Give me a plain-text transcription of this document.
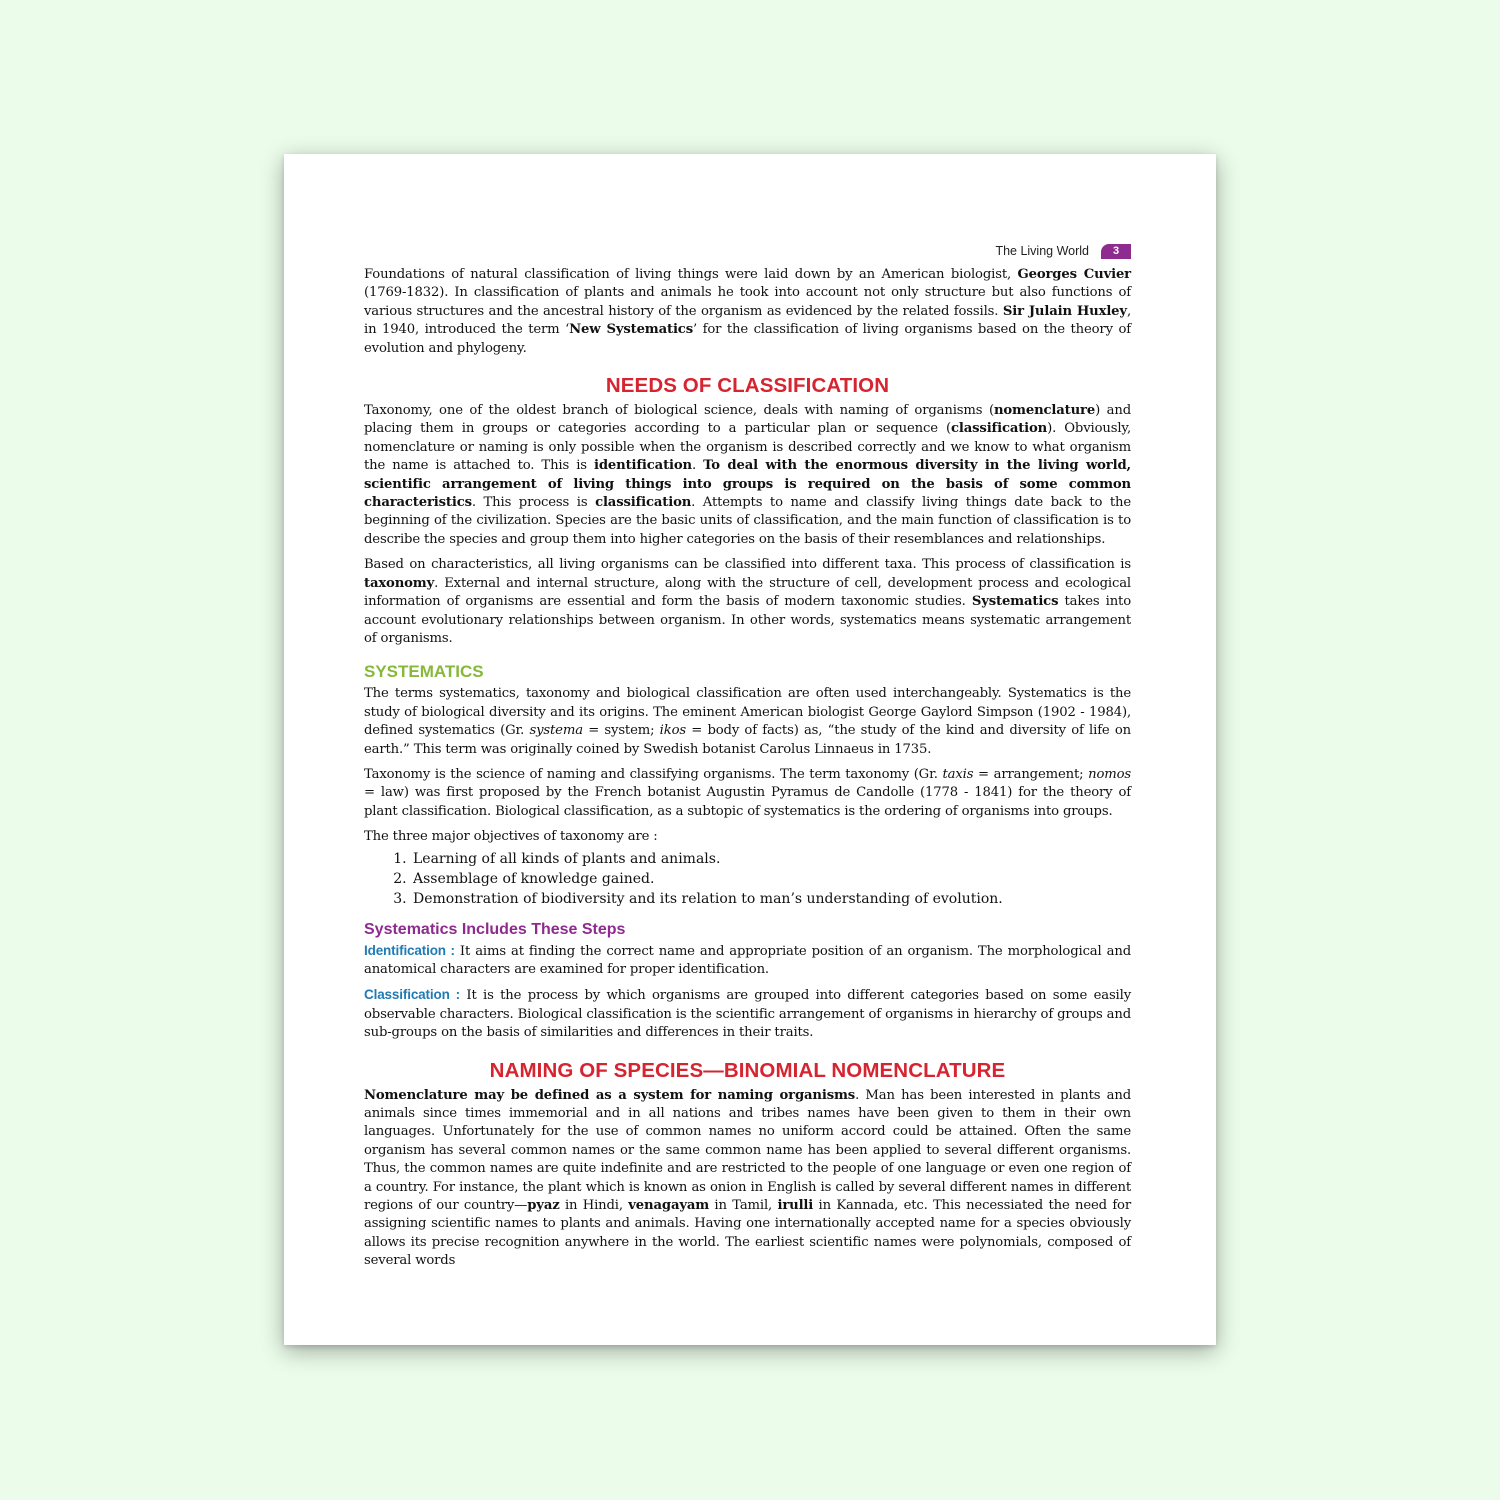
The Living World	3

Foundations of natural classification of living things were laid down by an American biologist, Georges Cuvier (1769-1832). In classification of plants and animals he took into account not only structure but also functions of various structures and the ancestral history of the organism as evidenced by the related fossils. Sir Julain Huxley, in 1940, introduced the term ‘New Systematics’ for the classification of living organisms based on the theory of evolution and phylogeny.

NEEDS OF CLASSIFICATION

Taxonomy, one of the oldest branch of biological science, deals with naming of organisms (nomenclature) and placing them in groups or categories according to a particular plan or sequence (classification). Obviously, nomenclature or naming is only possible when the organism is described correctly and we know to what organism the name is attached to. This is identification. To deal with the enormous diversity in the living world, scientific arrangement of living things into groups is required on the basis of some common characteristics. This process is classification. Attempts to name and classify living things date back to the beginning of the civilization. Species are the basic units of classification, and the main function of classification is to describe the species and group them into higher categories on the basis of their resemblances and relationships.

Based on characteristics, all living organisms can be classified into different taxa. This process of classification is taxonomy. External and internal structure, along with the structure of cell, development process and ecological information of organisms are essential and form the basis of modern taxonomic studies. Systematics takes into account evolutionary relationships between organism. In other words, systematics means systematic arrangement of organisms.

SYSTEMATICS

The terms systematics, taxonomy and biological classification are often used interchangeably. Systematics is the study of biological diversity and its origins. The eminent American biologist George Gaylord Simpson (1902 - 1984), defined systematics (Gr. systema = system; ikos = body of facts) as, “the study of the kind and diversity of life on earth.” This term was originally coined by Swedish botanist Carolus Linnaeus in 1735.

Taxonomy is the science of naming and classifying organisms. The term taxonomy (Gr. taxis = arrangement; nomos = law) was first proposed by the French botanist Augustin Pyramus de Candolle (1778 - 1841) for the theory of plant classification. Biological classification, as a subtopic of systematics is the ordering of organisms into groups.

The three major objectives of taxonomy are :

1. Learning of all kinds of plants and animals.
2. Assemblage of knowledge gained.
3. Demonstration of biodiversity and its relation to man’s understanding of evolution.
Systematics Includes These Steps

Identification : It aims at finding the correct name and appropriate position of an organism. The morphological and anatomical characters are examined for proper identification.

Classification : It is the process by which organisms are grouped into different categories based on some easily observable characters. Biological classification is the scientific arrangement of organisms in hierarchy of groups and sub-groups on the basis of similarities and differences in their traits.

NAMING OF SPECIES—BINOMIAL NOMENCLATURE

Nomenclature may be defined as a system for naming organisms. Man has been interested in plants and animals since times immemorial and in all nations and tribes names have been given to them in their own languages. Unfortunately for the use of common names no uniform accord could be attained. Often the same organism has several common names or the same common name has been applied to several different organisms. Thus, the common names are quite indefinite and are restricted to the people of one language or even one region of a country. For instance, the plant which is known as onion in English is called by several different names in different regions of our country—pyaz in Hindi, venagayam in Tamil, irulli in Kannada, etc. This necessiated the need for assigning scientific names to plants and animals. Having one internationally accepted name for a species obviously allows its precise recognition anywhere in the world. The earliest scientific names were polynomials, composed of several words
